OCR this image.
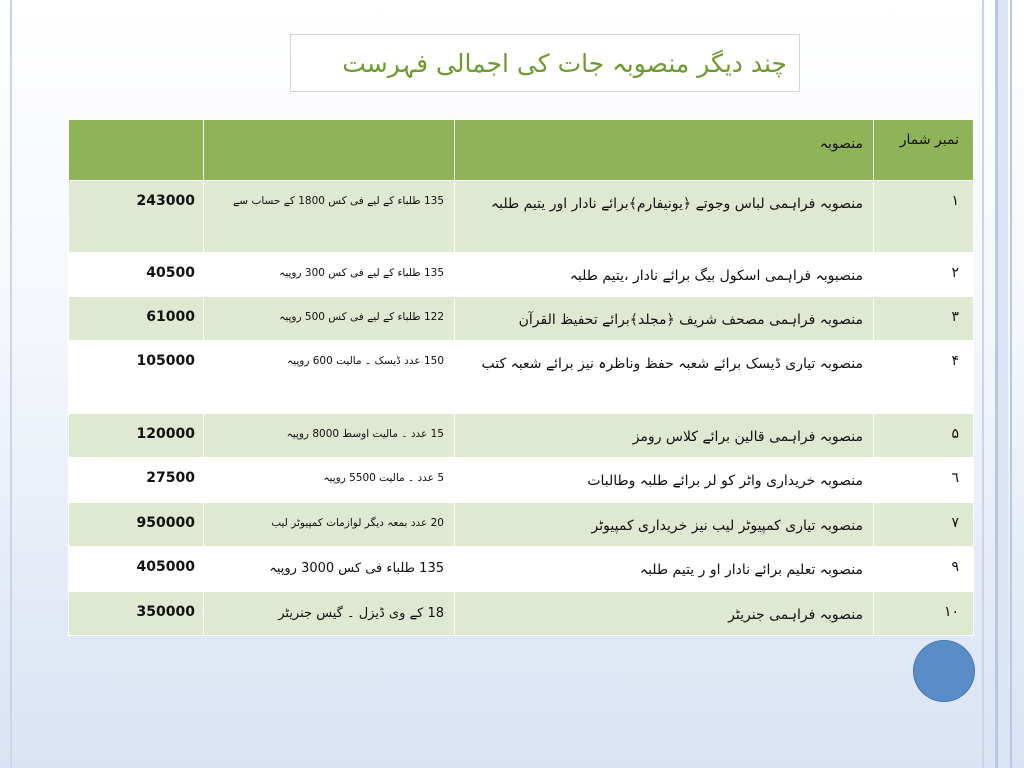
چند دیگر منصوبہ جات کی اجمالی فہرست
		منصوبہ	نمبر شمار
243000	135 طلباء کے لیے فی کس 1800 کے حساب سے	منصوبہ فراہمی لباس وجوتے ﴿یونیفارم﴾برائے نادار اور یتیم طلبہ	۱
40500	135 طلباء کے لیے فی کس 300 روپیہ	منصبوبہ فراہمی اسکول بیگ برائے نادار ،یتیم طلبہ	۲
61000	122 طلباء کے لیے فی کس 500 روپیہ	منصوبہ فراہمی مصحف شریف ﴿مجلد﴾برائے تحفیظ القرآن	۳
105000	150 عدد ڈیسک ۔ مالیت 600 روپیہ	منصوبہ تیاری ڈیسک برائے شعبہ حفظ وناظرہ نیز برائے شعبہ کتب	۴
120000	15 عدد ۔ مالیت اوسط 8000 روپیہ	منصوبہ فراہمی قالین برائے کلاس رومز	۵
27500	5 عدد ۔ مالیت 5500 روپیہ	منصوبہ خریداری واٹر کو لر برائے طلبہ وطالبات	٦
950000	20 عدد بمعہ دیگر لوازمات کمپیوٹر لیب	منصوبہ تیاری کمپیوٹر لیب نیز خریداری کمپیوٹر	۷
405000	135 طلباء فی کس 3000 روپیہ	منصوبہ تعلیم برائے نادار او ر یتیم طلبہ	۹
350000	18 کے وی ڈیزل ۔ گیس جنریٹر	منصوبہ فراہمی جنریٹر	۱۰
